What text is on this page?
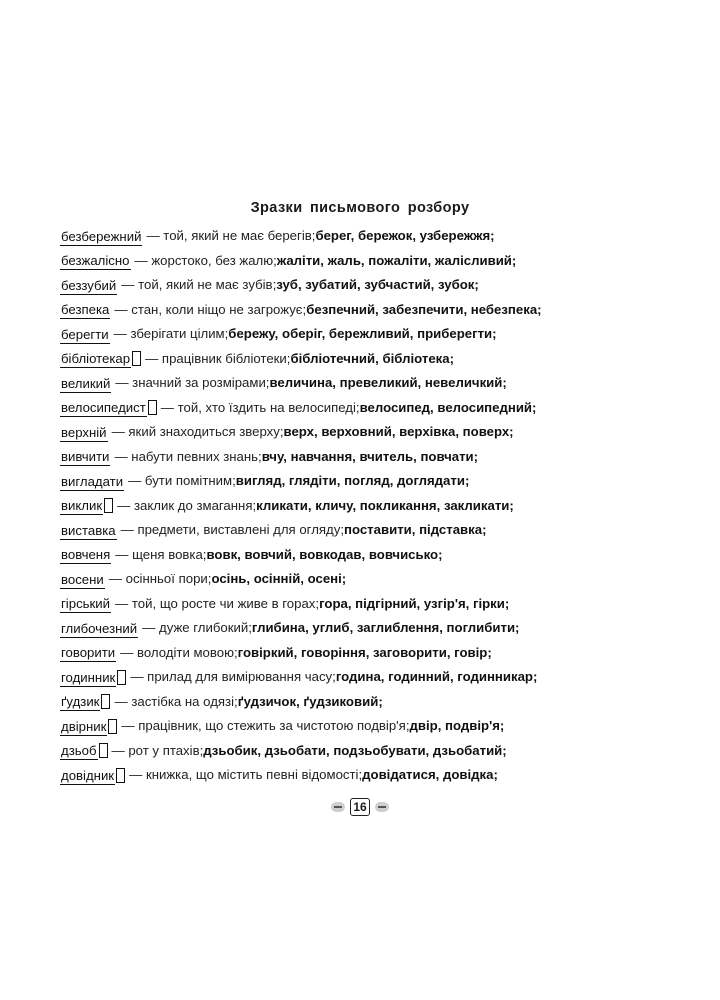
Зразки письмового розбору
безбережний — той, який не має берегів; берег, бережок, узбережжя;
безжалісно — жорстоко, без жалю; жаліти, жаль, пожаліти, жалісливий;
беззубий — той, який не має зубів; зуб, зубатий, зубчастий, зубок;
безпека — стан, коли ніщо не загрожує; безпечний, забезпечити, небезпека;
берегти — зберігати цілим; бережу, оберіг, бережливий, приберегти;
бібліотекар	— працівник бібліотеки; бібліотечний, бібліотека;
великий — значний за розмірами; величина, превеликий, невеличкий;
велосипедист	— той, хто їздить на велосипеді; велосипед, велосипедний;
верхній — який знаходиться зверху; верх, верховний, верхівка, поверх;
вивчити — набути певних знань; вчу, навчання, вчитель, повчати;
вигладати — бути помітним; вигляд, глядіти, погляд, доглядати;
виклик	— заклик до змагання; кликати, кличу, покликання, закликати;
виставка — предмети, виставлені для огляду; поставити, підставка;
вовченя — щеня вовка; вовк, вовчий, вовкодав, вовчисько;
восени — осінньої пори; осінь, осінній, осені;
гірський — той, що росте чи живе в горах; гора, підгірний, узгір'я, гірки;
глибочезний — дуже глибокий; глибина, углиб, заглиблення, поглибити;
говорити — володіти мовою; говіркий, говоріння, заговорити, говір;
годинник	— прилад для вимірювання часу; година, годинний, годинникар;
ґудзик	— застібка на одязі; ґудзичок, ґудзиковий;
двірник	— працівник, що стежить за чистотою подвір'я; двір, подвір'я;
дзьоб	— рот у птахів; дзьобик, дзьобати, подзьобувати, дзьобатий;
довідник	— книжка, що містить певні відомості; довідатися, довідка;
16
